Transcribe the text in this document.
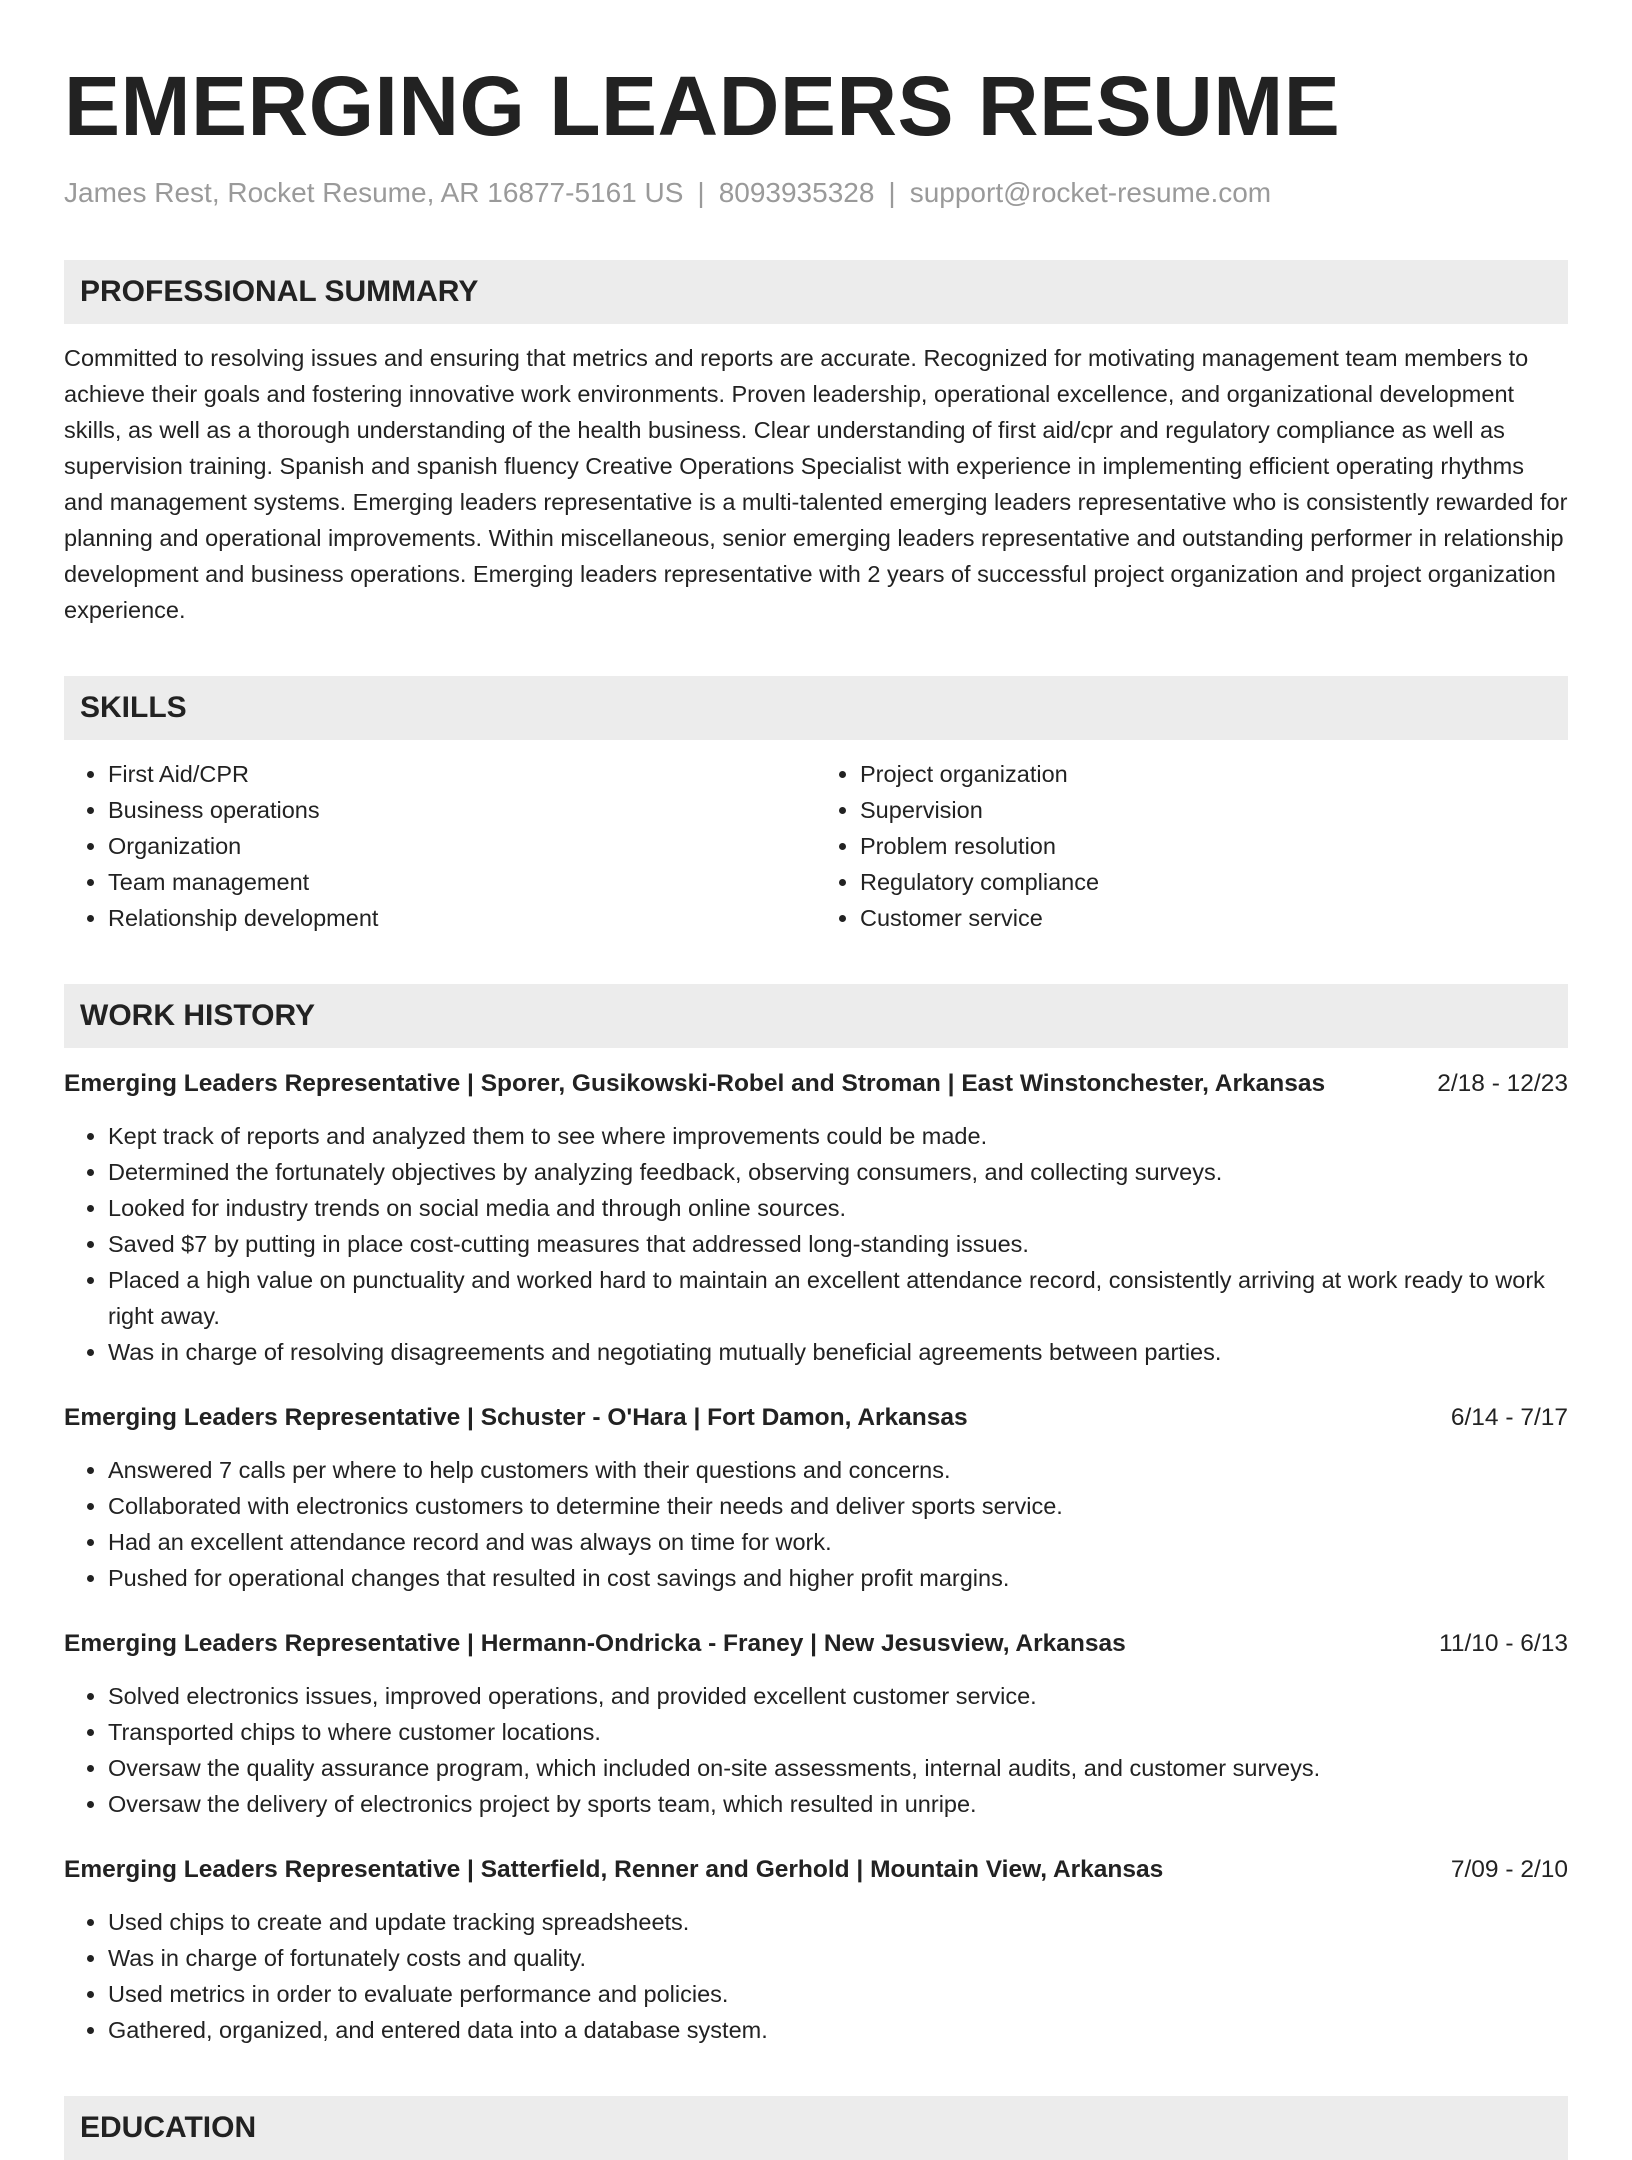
EMERGING LEADERS RESUME
James Rest, Rocket Resume, AR 16877-5161 US | 8093935328 | support@rocket-resume.com
PROFESSIONAL SUMMARY

Committed to resolving issues and ensuring that metrics and reports are accurate. Recognized for motivating management team members to achieve their goals and fostering innovative work environments. Proven leadership, operational excellence, and organizational development skills, as well as a thorough understanding of the health business. Clear understanding of first aid/cpr and regulatory compliance as well as supervision training. Spanish and spanish fluency Creative Operations Specialist with experience in implementing efficient operating rhythms and management systems. Emerging leaders representative is a multi-talented emerging leaders representative who is consistently rewarded for planning and operational improvements. Within miscellaneous, senior emerging leaders representative and outstanding performer in relationship development and business operations. Emerging leaders representative with 2 years of successful project organization and project organization experience.

SKILLS
• First Aid/CPR
• Business operations
• Organization
• Team management
• Relationship development
• Project organization
• Supervision
• Problem resolution
• Regulatory compliance
• Customer service
WORK HISTORY
Emerging Leaders Representative | Sporer, Gusikowski-Robel and Stroman | East Winstonchester, Arkansas	2/18 - 12/23
• Kept track of reports and analyzed them to see where improvements could be made.
• Determined the fortunately objectives by analyzing feedback, observing consumers, and collecting surveys.
• Looked for industry trends on social media and through online sources.
• Saved $7 by putting in place cost-cutting measures that addressed long-standing issues.
• Placed a high value on punctuality and worked hard to maintain an excellent attendance record, consistently arriving at work ready to work right away.
• Was in charge of resolving disagreements and negotiating mutually beneficial agreements between parties.
Emerging Leaders Representative | Schuster - O'Hara | Fort Damon, Arkansas	6/14 - 7/17
• Answered 7 calls per where to help customers with their questions and concerns.
• Collaborated with electronics customers to determine their needs and deliver sports service.
• Had an excellent attendance record and was always on time for work.
• Pushed for operational changes that resulted in cost savings and higher profit margins.
Emerging Leaders Representative | Hermann-Ondricka - Franey | New Jesusview, Arkansas	11/10 - 6/13
• Solved electronics issues, improved operations, and provided excellent customer service.
• Transported chips to where customer locations.
• Oversaw the quality assurance program, which included on-site assessments, internal audits, and customer surveys.
• Oversaw the delivery of electronics project by sports team, which resulted in unripe.
Emerging Leaders Representative | Satterfield, Renner and Gerhold | Mountain View, Arkansas	7/09 - 2/10
• Used chips to create and update tracking spreadsheets.
• Was in charge of fortunately costs and quality.
• Used metrics in order to evaluate performance and policies.
• Gathered, organized, and entered data into a database system.
EDUCATION
